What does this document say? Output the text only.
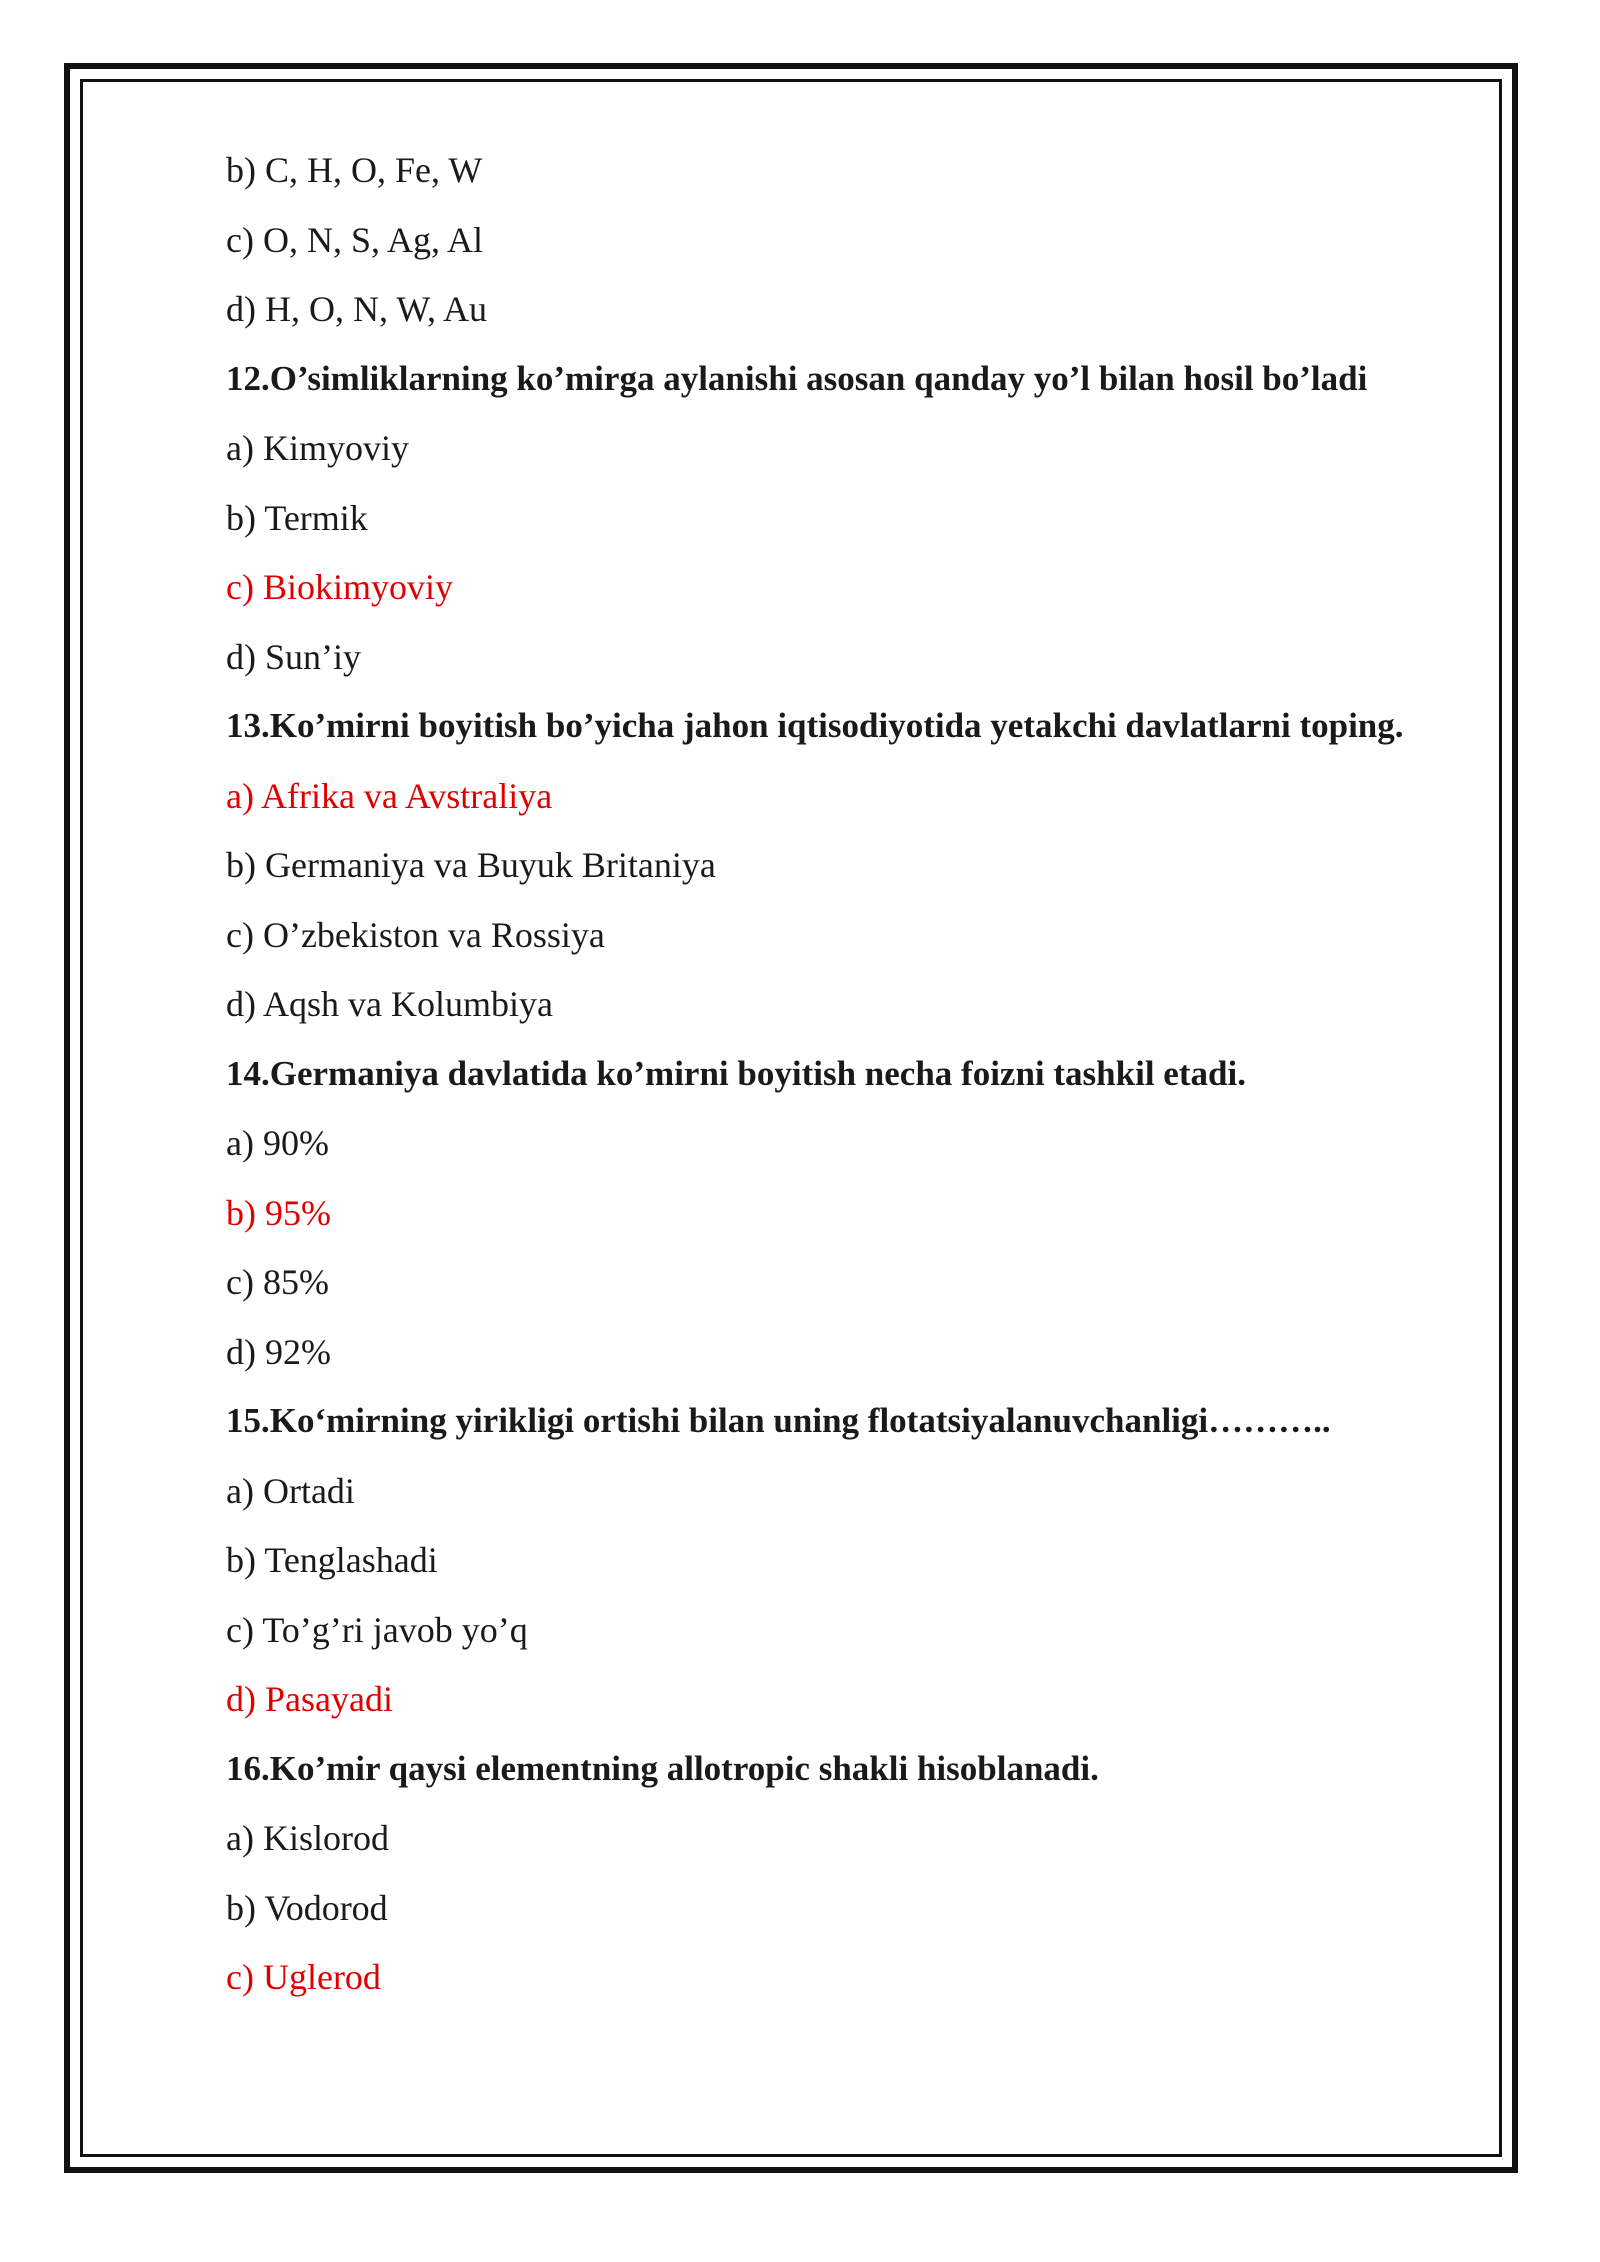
b) C, H, O, Fe, W
c) O, N, S, Ag, Al
d) H, O, N, W, Au
12.O’simliklarning ko’mirga aylanishi asosan qanday yo’l bilan hosil bo’ladi
a) Kimyoviy
b) Termik
c) Biokimyoviy
d) Sun’iy
13.Ko’mirni boyitish bo’yicha jahon iqtisodiyotida yetakchi davlatlarni toping.
a) Afrika va Avstraliya
b) Germaniya va Buyuk Britaniya
c) O’zbekiston va Rossiya
d) Aqsh va Kolumbiya
14.Germaniya davlatida ko’mirni boyitish necha foizni tashkil etadi.
a) 90%
b) 95%
c) 85%
d) 92%
15.Ko‘mirning yirikligi ortishi bilan uning flotatsiyalanuvchanligi………..
a) Ortadi
b) Tenglashadi
c) To’g’ri javob yo’q
d) Pasayadi
16.Ko’mir qaysi elementning allotropic shakli hisoblanadi.
a) Kislorod
b) Vodorod
c) Uglerod
